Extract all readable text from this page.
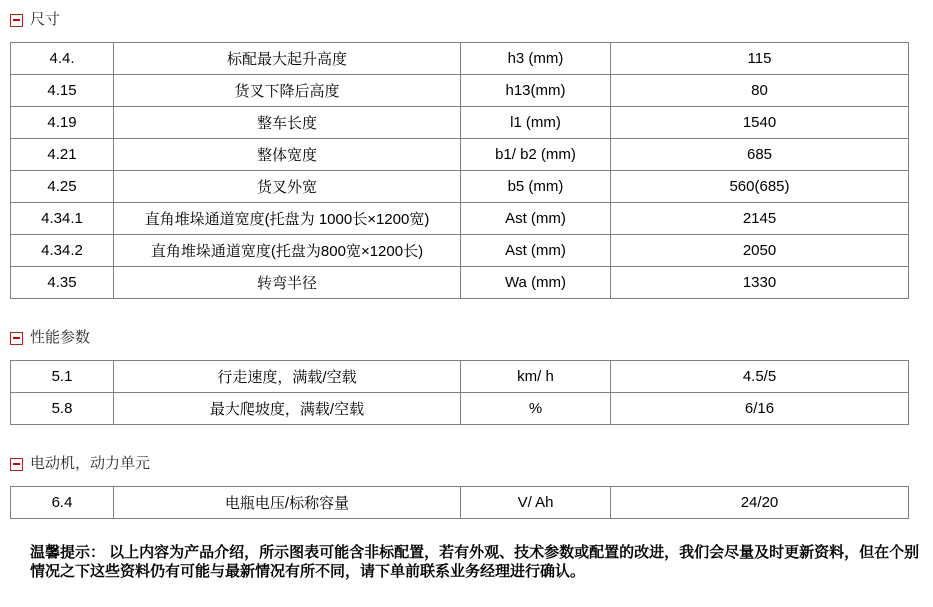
尺寸
4.4.	标配最大起升高度	h3 (mm)	115
4.15	货叉下降后高度	h13(mm)	80
4.19	整车长度	l1 (mm)	1540
4.21	整体宽度	b1/ b2 (mm)	685
4.25	货叉外宽	b5 (mm)	560(685)
4.34.1	直角堆垛通道宽度(托盘为 1000长×1200宽)	Ast (mm)	2145
4.34.2	直角堆垛通道宽度(托盘为800宽×1200长)	Ast (mm)	2050
4.35	转弯半径	Wa (mm)	1330
性能参数
5.1	行走速度，满载/空载	km/ h	4.5/5
5.8	最大爬坡度，满载/空载	%	6/16
电动机，动力单元
6.4	电瓶电压/标称容量	V/ Ah	24/20

温馨提示： 以上内容为产品介绍，所示图表可能含非标配置，若有外观、技术参数或配置的改进，我们会尽量及时更新资料，但在个别情况之下这些资料仍有可能与最新情况有所不同，请下单前联系业务经理进行确认。
